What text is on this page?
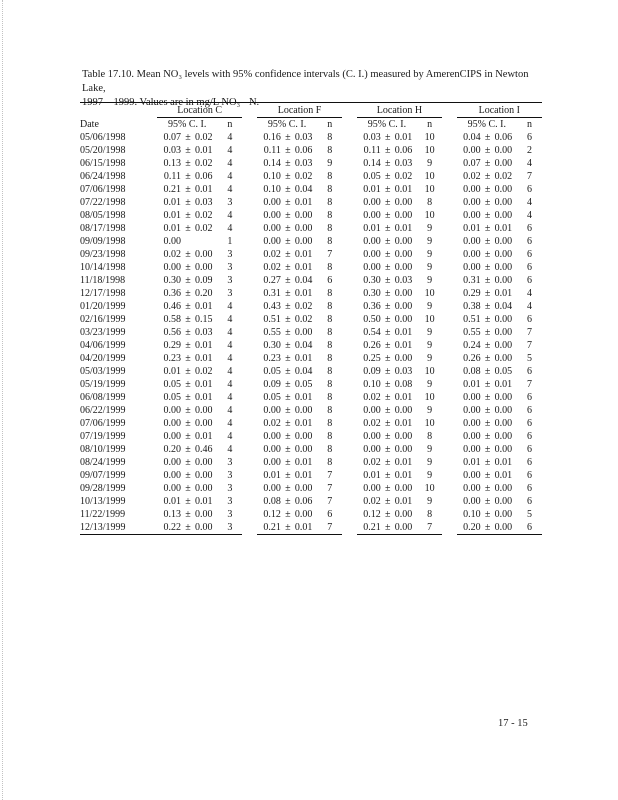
Table 17.10. Mean NO₃ levels with 95% confidence intervals (C. I.) measured by AmerenCIPS in Newton Lake,

1997 – 1999. Values are in mg/L NO₃ - N.

	Location C			Location F			Location H			Location I	
Date	95% C. I.	n		95% C. I.	n		95% C. I.	n		95% C. I.	n
05/06/1998	0.07 ± 0.02	4		0.16 ± 0.03	8		0.03 ± 0.01	10		0.04 ± 0.06	6
05/20/1998	0.03 ± 0.01	4		0.11 ± 0.06	8		0.11 ± 0.06	10		0.00 ± 0.00	2
06/15/1998	0.13 ± 0.02	4		0.14 ± 0.03	9		0.14 ± 0.03	9		0.07 ± 0.00	4
06/24/1998	0.11 ± 0.06	4		0.10 ± 0.02	8		0.05 ± 0.02	10		0.02 ± 0.02	7
07/06/1998	0.21 ± 0.01	4		0.10 ± 0.04	8		0.01 ± 0.01	10		0.00 ± 0.00	6
07/22/1998	0.01 ± 0.03	3		0.00 ± 0.01	8		0.00 ± 0.00	8		0.00 ± 0.00	4
08/05/1998	0.01 ± 0.02	4		0.00 ± 0.00	8		0.00 ± 0.00	10		0.00 ± 0.00	4
08/17/1998	0.01 ± 0.02	4		0.00 ± 0.00	8		0.01 ± 0.01	9		0.01 ± 0.01	6
09/09/1998	0.00	1		0.00 ± 0.00	8		0.00 ± 0.00	9		0.00 ± 0.00	6
09/23/1998	0.02 ± 0.00	3		0.02 ± 0.01	7		0.00 ± 0.00	9		0.00 ± 0.00	6
10/14/1998	0.00 ± 0.00	3		0.02 ± 0.01	8		0.00 ± 0.00	9		0.00 ± 0.00	6
11/18/1998	0.30 ± 0.09	3		0.27 ± 0.04	6		0.30 ± 0.03	9		0.31 ± 0.00	6
12/17/1998	0.36 ± 0.20	3		0.31 ± 0.01	8		0.30 ± 0.00	10		0.29 ± 0.01	4
01/20/1999	0.46 ± 0.01	4		0.43 ± 0.02	8		0.36 ± 0.00	9		0.38 ± 0.04	4
02/16/1999	0.58 ± 0.15	4		0.51 ± 0.02	8		0.50 ± 0.00	10		0.51 ± 0.00	6
03/23/1999	0.56 ± 0.03	4		0.55 ± 0.00	8		0.54 ± 0.01	9		0.55 ± 0.00	7
04/06/1999	0.29 ± 0.01	4		0.30 ± 0.04	8		0.26 ± 0.01	9		0.24 ± 0.00	7
04/20/1999	0.23 ± 0.01	4		0.23 ± 0.01	8		0.25 ± 0.00	9		0.26 ± 0.00	5
05/03/1999	0.01 ± 0.02	4		0.05 ± 0.04	8		0.09 ± 0.03	10		0.08 ± 0.05	6
05/19/1999	0.05 ± 0.01	4		0.09 ± 0.05	8		0.10 ± 0.08	9		0.01 ± 0.01	7
06/08/1999	0.05 ± 0.01	4		0.05 ± 0.01	8		0.02 ± 0.01	10		0.00 ± 0.00	6
06/22/1999	0.00 ± 0.00	4		0.00 ± 0.00	8		0.00 ± 0.00	9		0.00 ± 0.00	6
07/06/1999	0.00 ± 0.00	4		0.02 ± 0.01	8		0.02 ± 0.01	10		0.00 ± 0.00	6
07/19/1999	0.00 ± 0.01	4		0.00 ± 0.00	8		0.00 ± 0.00	8		0.00 ± 0.00	6
08/10/1999	0.20 ± 0.46	4		0.00 ± 0.00	8		0.00 ± 0.00	9		0.00 ± 0.00	6
08/24/1999	0.00 ± 0.00	3		0.00 ± 0.01	8		0.02 ± 0.01	9		0.01 ± 0.01	6
09/07/1999	0.00 ± 0.00	3		0.01 ± 0.01	7		0.01 ± 0.01	9		0.00 ± 0.01	6
09/28/1999	0.00 ± 0.00	3		0.00 ± 0.00	7		0.00 ± 0.00	10		0.00 ± 0.00	6
10/13/1999	0.01 ± 0.01	3		0.08 ± 0.06	7		0.02 ± 0.01	9		0.00 ± 0.00	6
11/22/1999	0.13 ± 0.00	3		0.12 ± 0.00	6		0.12 ± 0.00	8		0.10 ± 0.00	5
12/13/1999	0.22 ± 0.00	3		0.21 ± 0.01	7		0.21 ± 0.00	7		0.20 ± 0.00	6
17 - 15
